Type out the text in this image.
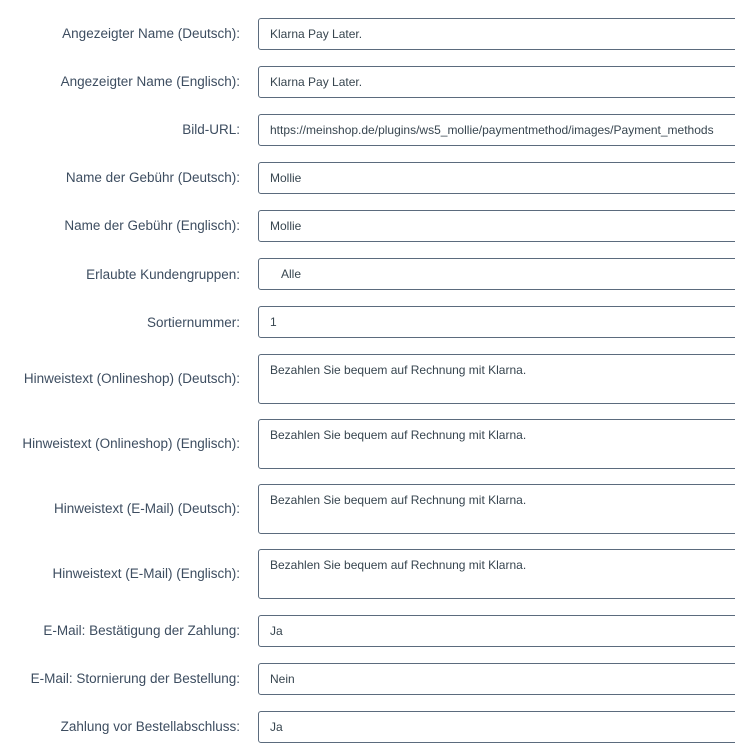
Angezeigter Name (Deutsch):	Klarna Pay Later.
Angezeigter Name (Englisch):	Klarna Pay Later.
Bild-URL:	https://meinshop.de/plugins/ws5_mollie/paymentmethod/images/Payment_methods
Name der Gebühr (Deutsch):	Mollie
Name der Gebühr (Englisch):	Mollie
Erlaubte Kundengruppen:	Alle
Sortiernummer:	1
Hinweistext (Onlineshop) (Deutsch):
Bezahlen Sie bequem auf Rechnung mit Klarna.
Hinweistext (Onlineshop) (Englisch):
Bezahlen Sie bequem auf Rechnung mit Klarna.
Hinweistext (E-Mail) (Deutsch):
Bezahlen Sie bequem auf Rechnung mit Klarna.
Hinweistext (E-Mail) (Englisch):
Bezahlen Sie bequem auf Rechnung mit Klarna.
E-Mail: Bestätigung der Zahlung:	Ja
E-Mail: Stornierung der Bestellung:	Nein
Zahlung vor Bestellabschluss:	Ja
